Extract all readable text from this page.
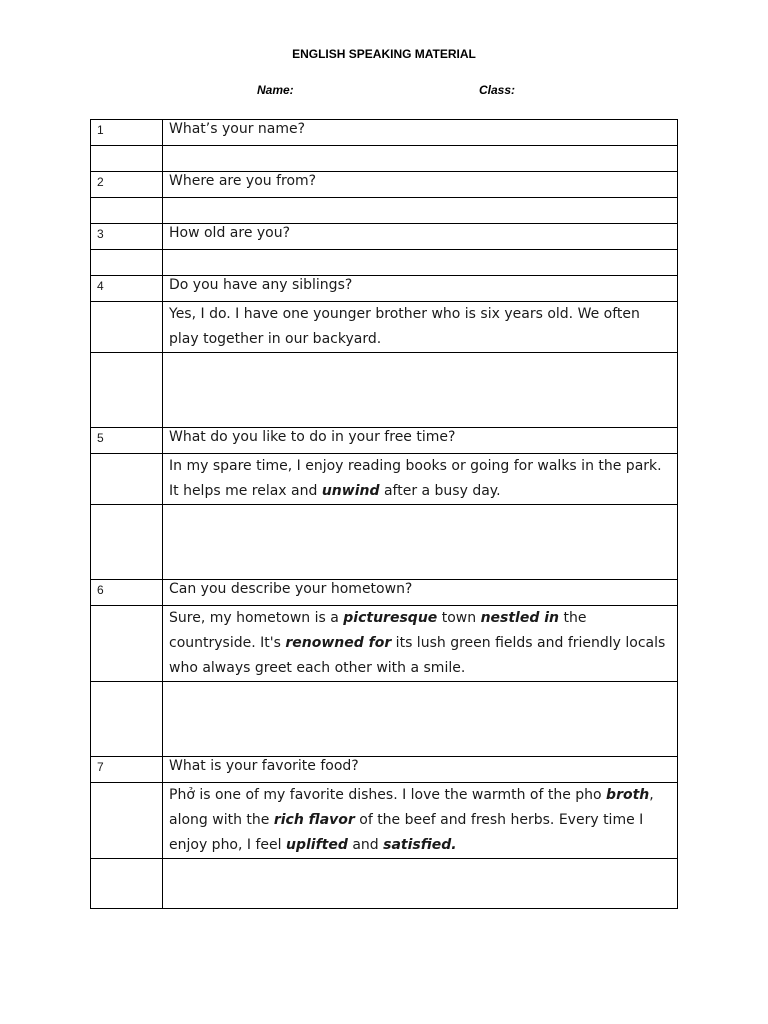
ENGLISH SPEAKING MATERIAL
Name:	Class:
1	What’s your name?

2	Where are you from?

3	How old are you?

4	Do you have any siblings?
	Yes, I do. I have one younger brother who is six years old. We often play together in our backyard.

5	What do you like to do in your free time?
	In my spare time, I enjoy reading books or going for walks in the park. It helps me relax and unwind after a busy day.

6	Can you describe your hometown?
	Sure, my hometown is a picturesque town nestled in the countryside. It's renowned for its lush green fields and friendly locals who always greet each other with a smile.

7	What is your favorite food?
	Phở is one of my favorite dishes. I love the warmth of the pho broth, along with the rich flavor of the beef and fresh herbs. Every time I enjoy pho, I feel uplifted and satisfied.
